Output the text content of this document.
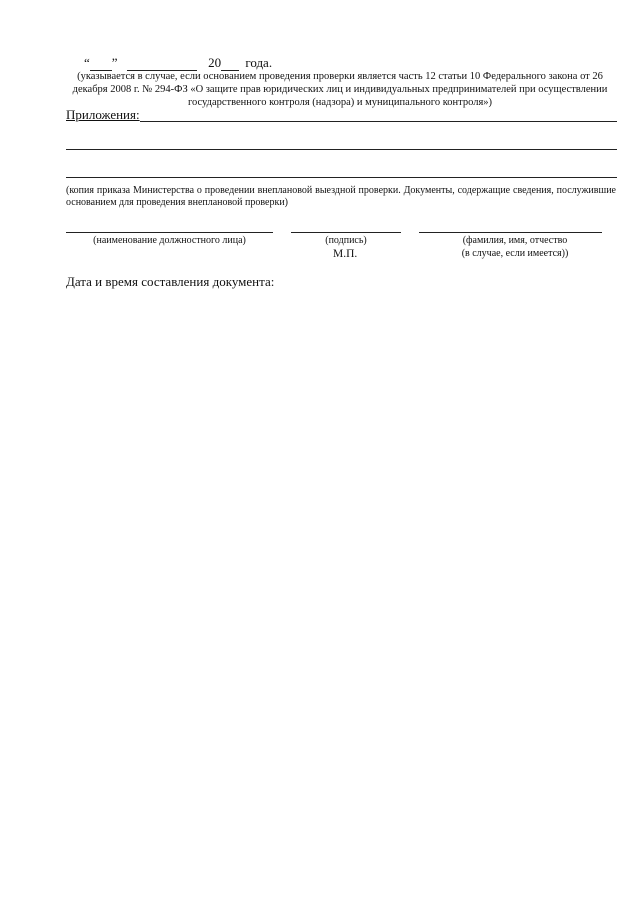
“ ”	20 года.
(указывается в случае, если основанием проведения проверки является часть 12 статьи 10 Федерального закона от 26 декабря 2008 г. № 294-ФЗ «О защите прав юридических лиц и индивидуальных предпринимателей при осуществлении государственного контроля (надзора) и муниципального контроля»)
Приложения:
(копия приказа Министерства о проведении внеплановой выездной проверки. Документы, содержащие сведения, послужившие основанием для проведения внеплановой проверки)
(наименование должностного лица)	(подпись)
М.П.
(фамилия, имя, отчество
(в случае, если имеется))
Дата и время составления документа:
